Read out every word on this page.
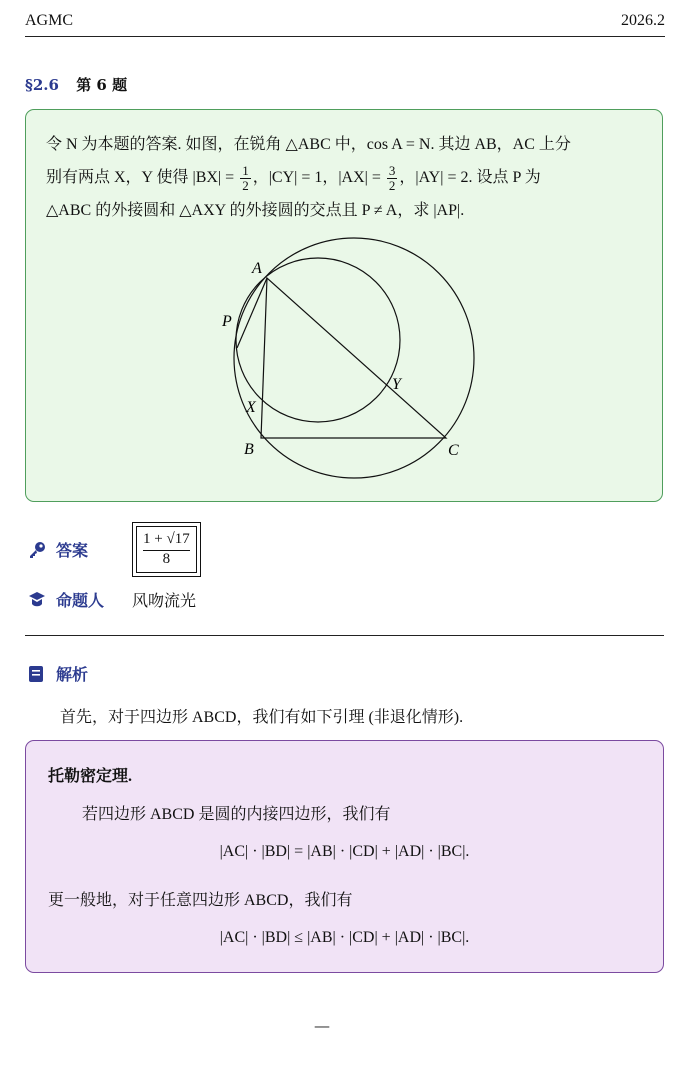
AGMC	2026.2
§2.6 第 6 题
令 N 为本题的答案. 如图，在锐角 △ABC 中，cos A = N. 其边 AB，AC 上分
别有两点 X，Y 使得 $|BX| = \frac{1}{2}$ ，|CY| = 1，$|AX| = \frac{3}{2}$ ，|AY| = 2. 设点 P 为
△ABC 的外接圆和 △AXY 的外接圆的交点且 P ≠ A，求 |AP|.
A
P
X
Y
B	C
答案
1 + √17
8
命题人	风吻流光
解析
首先，对于四边形 ABCD，我们有如下引理 (非退化情形).
托勒密定理.
若四边形 ABCD 是圆的内接四边形，我们有
|AC| · |BD| = |AB| · |CD| + |AD| · |BC|.
更一般地，对于任意四边形 ABCD，我们有
|AC| · |BD| ≤ |AB| · |CD| + |AD| · |BC|.
—
